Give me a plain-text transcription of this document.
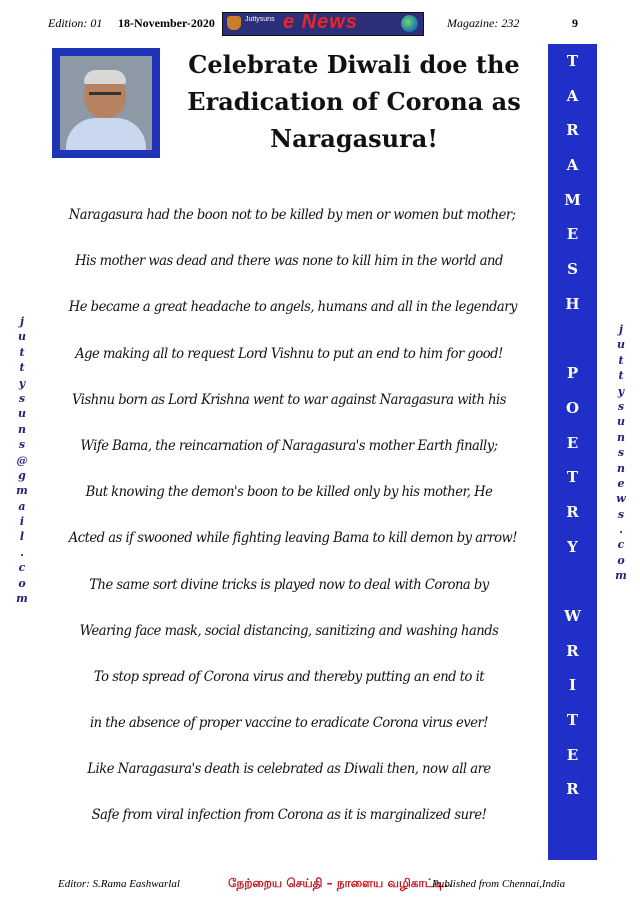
Edition: 01 18-November-2020	Juttysuns e News	Magazine: 232	9
Celebrate Diwali doe the Eradication of Corona as Naragasura!
Naragasura had the boon not to be killed by men or women but mother;
His mother was dead and there was none to kill him in the world and
He became a great headache to angels, humans and all in the legendary
Age making all to request Lord Vishnu to put an end to him for good!
Vishnu born as Lord Krishna went to war against Naragasura with his
Wife Bama, the reincarnation of Naragasura's mother Earth finally;
But knowing the demon's boon to be killed only by his mother, He
Acted as if swooned while fighting leaving Bama to kill demon by arrow!
The same sort divine tricks is played now to deal with Corona by
Wearing face mask, social distancing, sanitizing and washing hands
To stop spread of Corona virus and thereby putting an end to it
in the absence of proper vaccine to eradicate Corona virus ever!
Like Naragasura's death is celebrated as Diwali then, now all are
Safe from viral infection from Corona as it is marginalized sure!
T
A
R
A
M
E
S
H
P
O
E
T
R
Y
W
R
I
T
E
R
j
u
t
t
y
s
u
n
s
@
g
m
a
i
l
.
c
o
m
j
u
t
t
y
s
u
n
s
n
e
w
s
.
c
o
m
Editor: S.Rama Eashwarlal	நேற்றைய செய்தி – நாளைய வழிகாட்டி..
Published from Chennai,India
